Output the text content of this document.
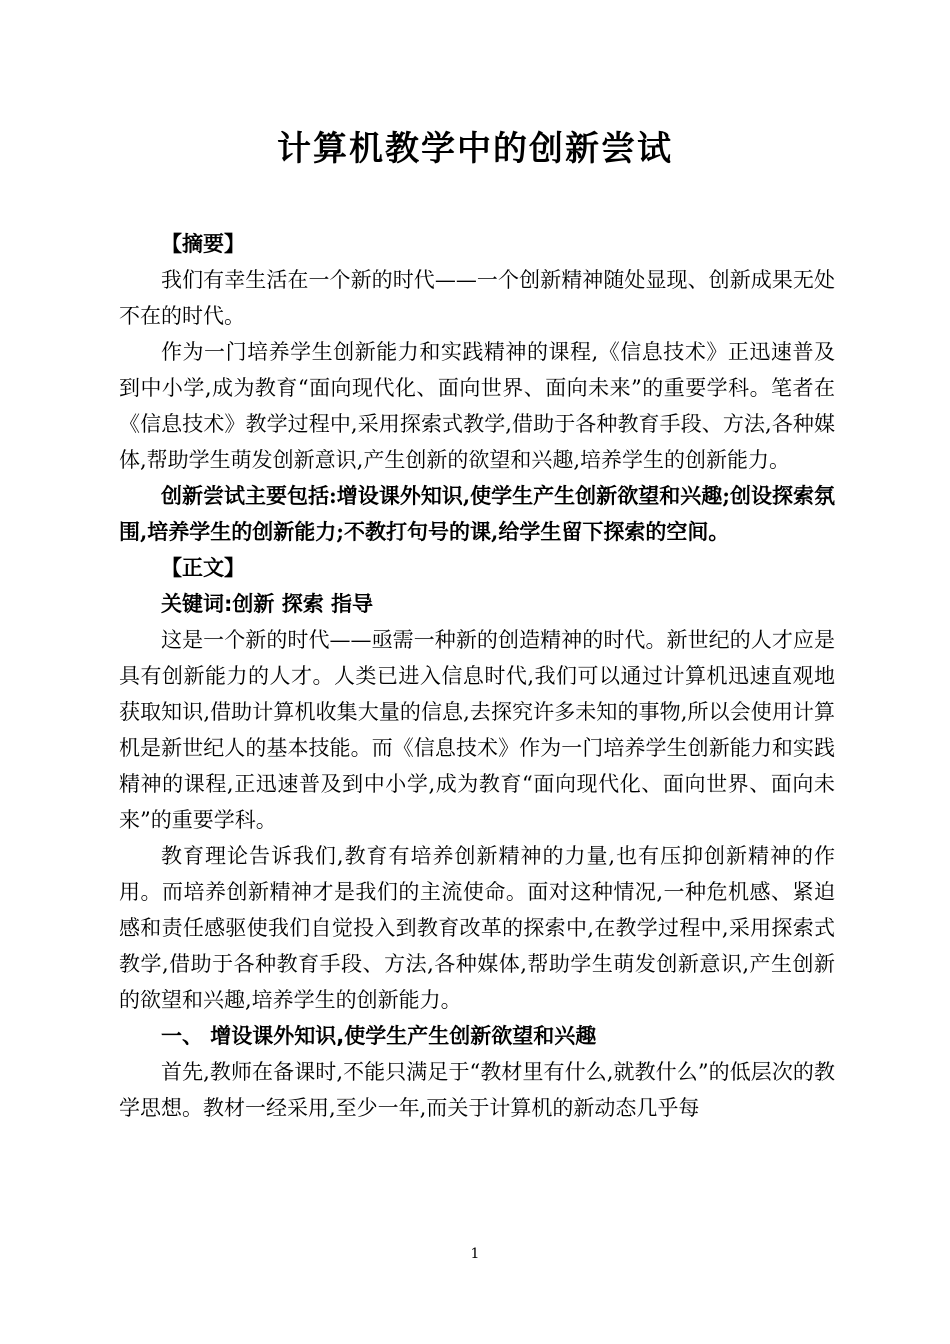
计算机教学中的创新尝试

【摘要】

我们有幸生活在一个新的时代——一个创新精神随处显现、创新成果无处不在的时代。

作为一门培养学生创新能力和实践精神的课程,《信息技术》正迅速普及到中小学,成为教育“面向现代化、面向世界、面向未来”的重要学科。笔者在《信息技术》教学过程中,采用探索式教学,借助于各种教育手段、方法,各种媒体,帮助学生萌发创新意识,产生创新的欲望和兴趣,培养学生的创新能力。

创新尝试主要包括:增设课外知识,使学生产生创新欲望和兴趣;创设探索氛围,培养学生的创新能力;不教打句号的课,给学生留下探索的空间。

【正文】

关键词:创新 探索 指导

这是一个新的时代——亟需一种新的创造精神的时代。新世纪的人才应是具有创新能力的人才。人类已进入信息时代,我们可以通过计算机迅速直观地获取知识,借助计算机收集大量的信息,去探究许多未知的事物,所以会使用计算机是新世纪人的基本技能。而《信息技术》作为一门培养学生创新能力和实践精神的课程,正迅速普及到中小学,成为教育“面向现代化、面向世界、面向未来”的重要学科。

教育理论告诉我们,教育有培养创新精神的力量,也有压抑创新精神的作用。而培养创新精神才是我们的主流使命。面对这种情况,一种危机感、紧迫感和责任感驱使我们自觉投入到教育改革的探索中,在教学过程中,采用探索式教学,借助于各种教育手段、方法,各种媒体,帮助学生萌发创新意识,产生创新的欲望和兴趣,培养学生的创新能力。

一、 增设课外知识,使学生产生创新欲望和兴趣

首先,教师在备课时,不能只满足于“教材里有什么,就教什么”的低层次的教学思想。教材一经采用,至少一年,而关于计算机的新动态几乎每

1
